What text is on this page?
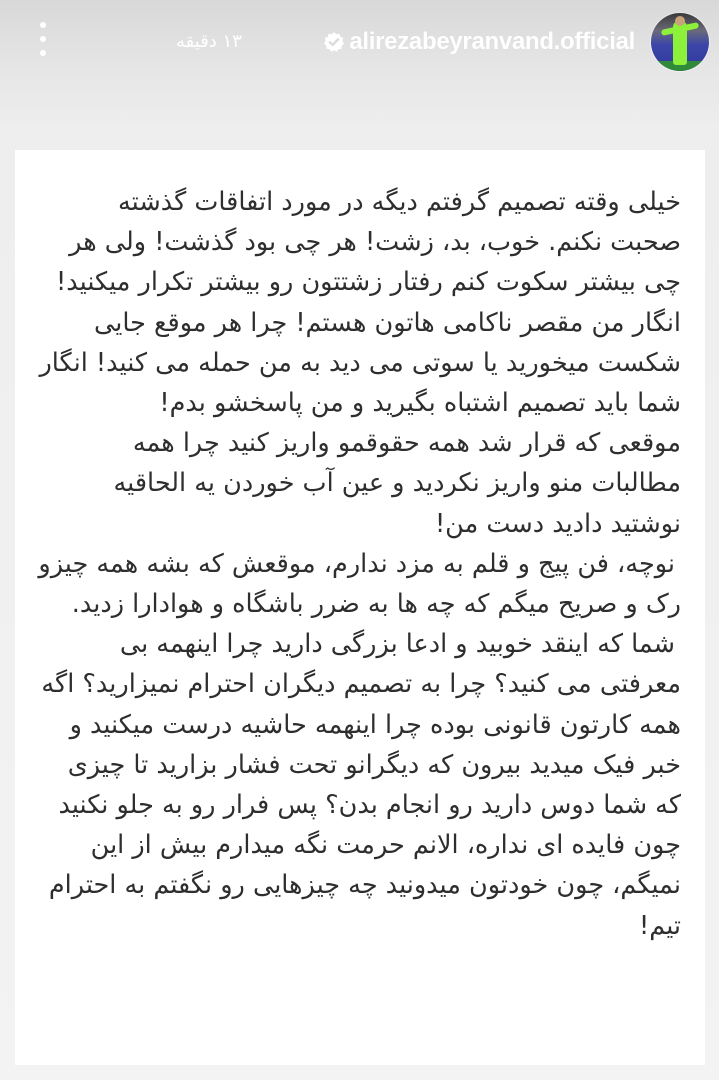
alirezabeyranvand.official
۱۳ دقیقه
خیلی وقته تصمیم گرفتم دیگه در مورد اتفاقات گذشته
صحبت نکنم. خوب، بد، زشت! هر چی بود گذشت! ولی هر
چی بیشتر سکوت کنم رفتار زشتتون رو بیشتر تکرار میکنید!
انگار من مقصر ناکامی هاتون هستم! چرا هر موقع جایی
شکست میخورید یا سوتی می دید به من حمله می کنید! انگار
شما باید تصمیم اشتباه بگیرید و من پاسخشو بدم!
موقعی که قرار شد همه حقوقمو واریز کنید چرا همه
مطالبات منو واریز نکردید و عین آب خوردن یه الحاقیه
نوشتید دادید دست من!
نوچه، فن پیج و قلم به مزد ندارم، موقعش که بشه همه چیزو
رک و صریح میگم که چه ها به ضرر باشگاه و هوادارا زدید.
شما که اینقد خوبید و ادعا بزرگی دارید چرا اینهمه بی
معرفتی می کنید؟ چرا به تصمیم دیگران احترام نمیزارید؟ اگه
همه کارتون قانونی بوده چرا اینهمه حاشیه درست میکنید و
خبر فیک میدید بیرون که دیگرانو تحت فشار بزارید تا چیزی
که شما دوس دارید رو انجام بدن؟ پس فرار رو به جلو نکنید
چون فایده ای نداره، الانم حرمت نگه میدارم بیش از این
نمیگم، چون خودتون میدونید چه چیزهایی رو نگفتم به احترام
تیم!
